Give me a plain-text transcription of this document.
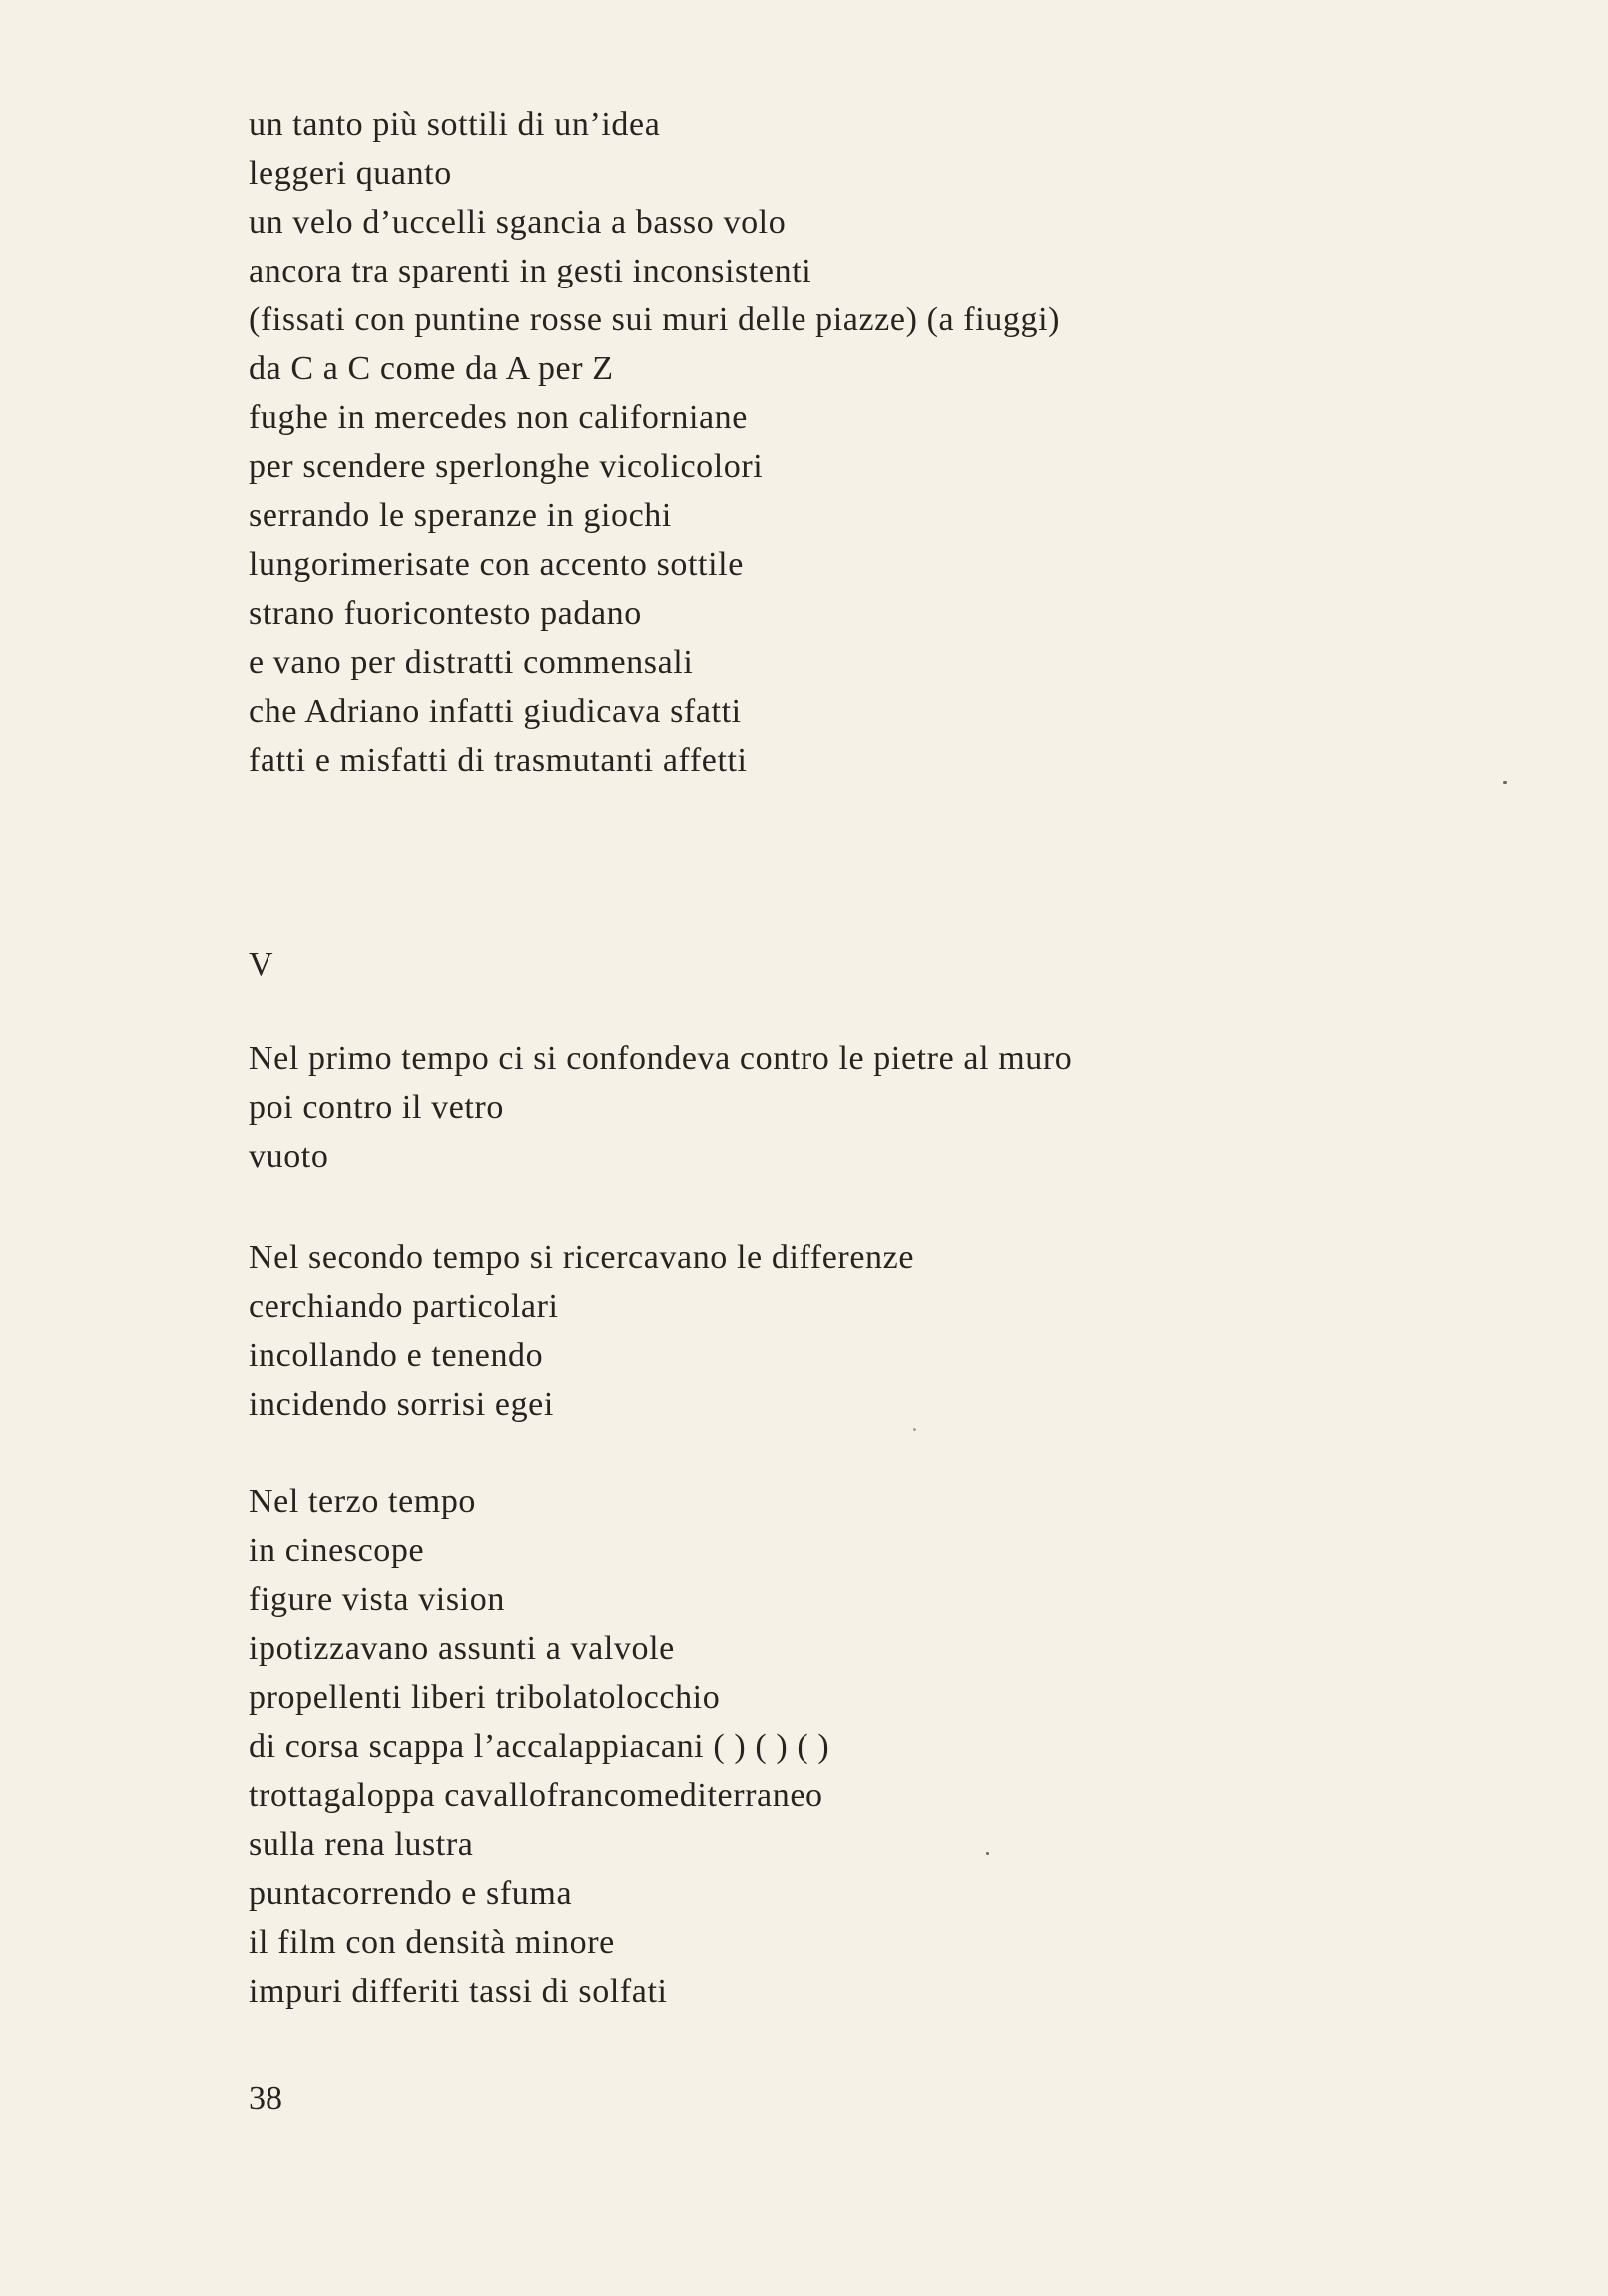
un tanto più sottili di un’idea
leggeri quanto
un velo d’uccelli sgancia a basso volo
ancora tra sparenti in gesti inconsistenti
(fissati con puntine rosse sui muri delle piazze) (a fiuggi)
da C a C come da A per Z
fughe in mercedes non californiane
per scendere sperlonghe vicolicolori
serrando le speranze in giochi
lungorimerisate con accento sottile
strano fuoricontesto padano
e vano per distratti commensali
che Adriano infatti giudicava sfatti
fatti e misfatti di trasmutanti affetti
V
Nel primo tempo ci si confondeva contro le pietre al muro
poi contro il vetro
vuoto
Nel secondo tempo si ricercavano le differenze
cerchiando particolari
incollando e tenendo
incidendo sorrisi egei
Nel terzo tempo
in cinescope
figure vista vision
ipotizzavano assunti a valvole
propellenti liberi tribolatolocchio
di corsa scappa l’accalappiacani ( ) ( ) ( )
trottagaloppa cavallofrancomediterraneo
sulla rena lustra
puntacorrendo e sfuma
il film con densità minore
impuri differiti tassi di solfati
38
